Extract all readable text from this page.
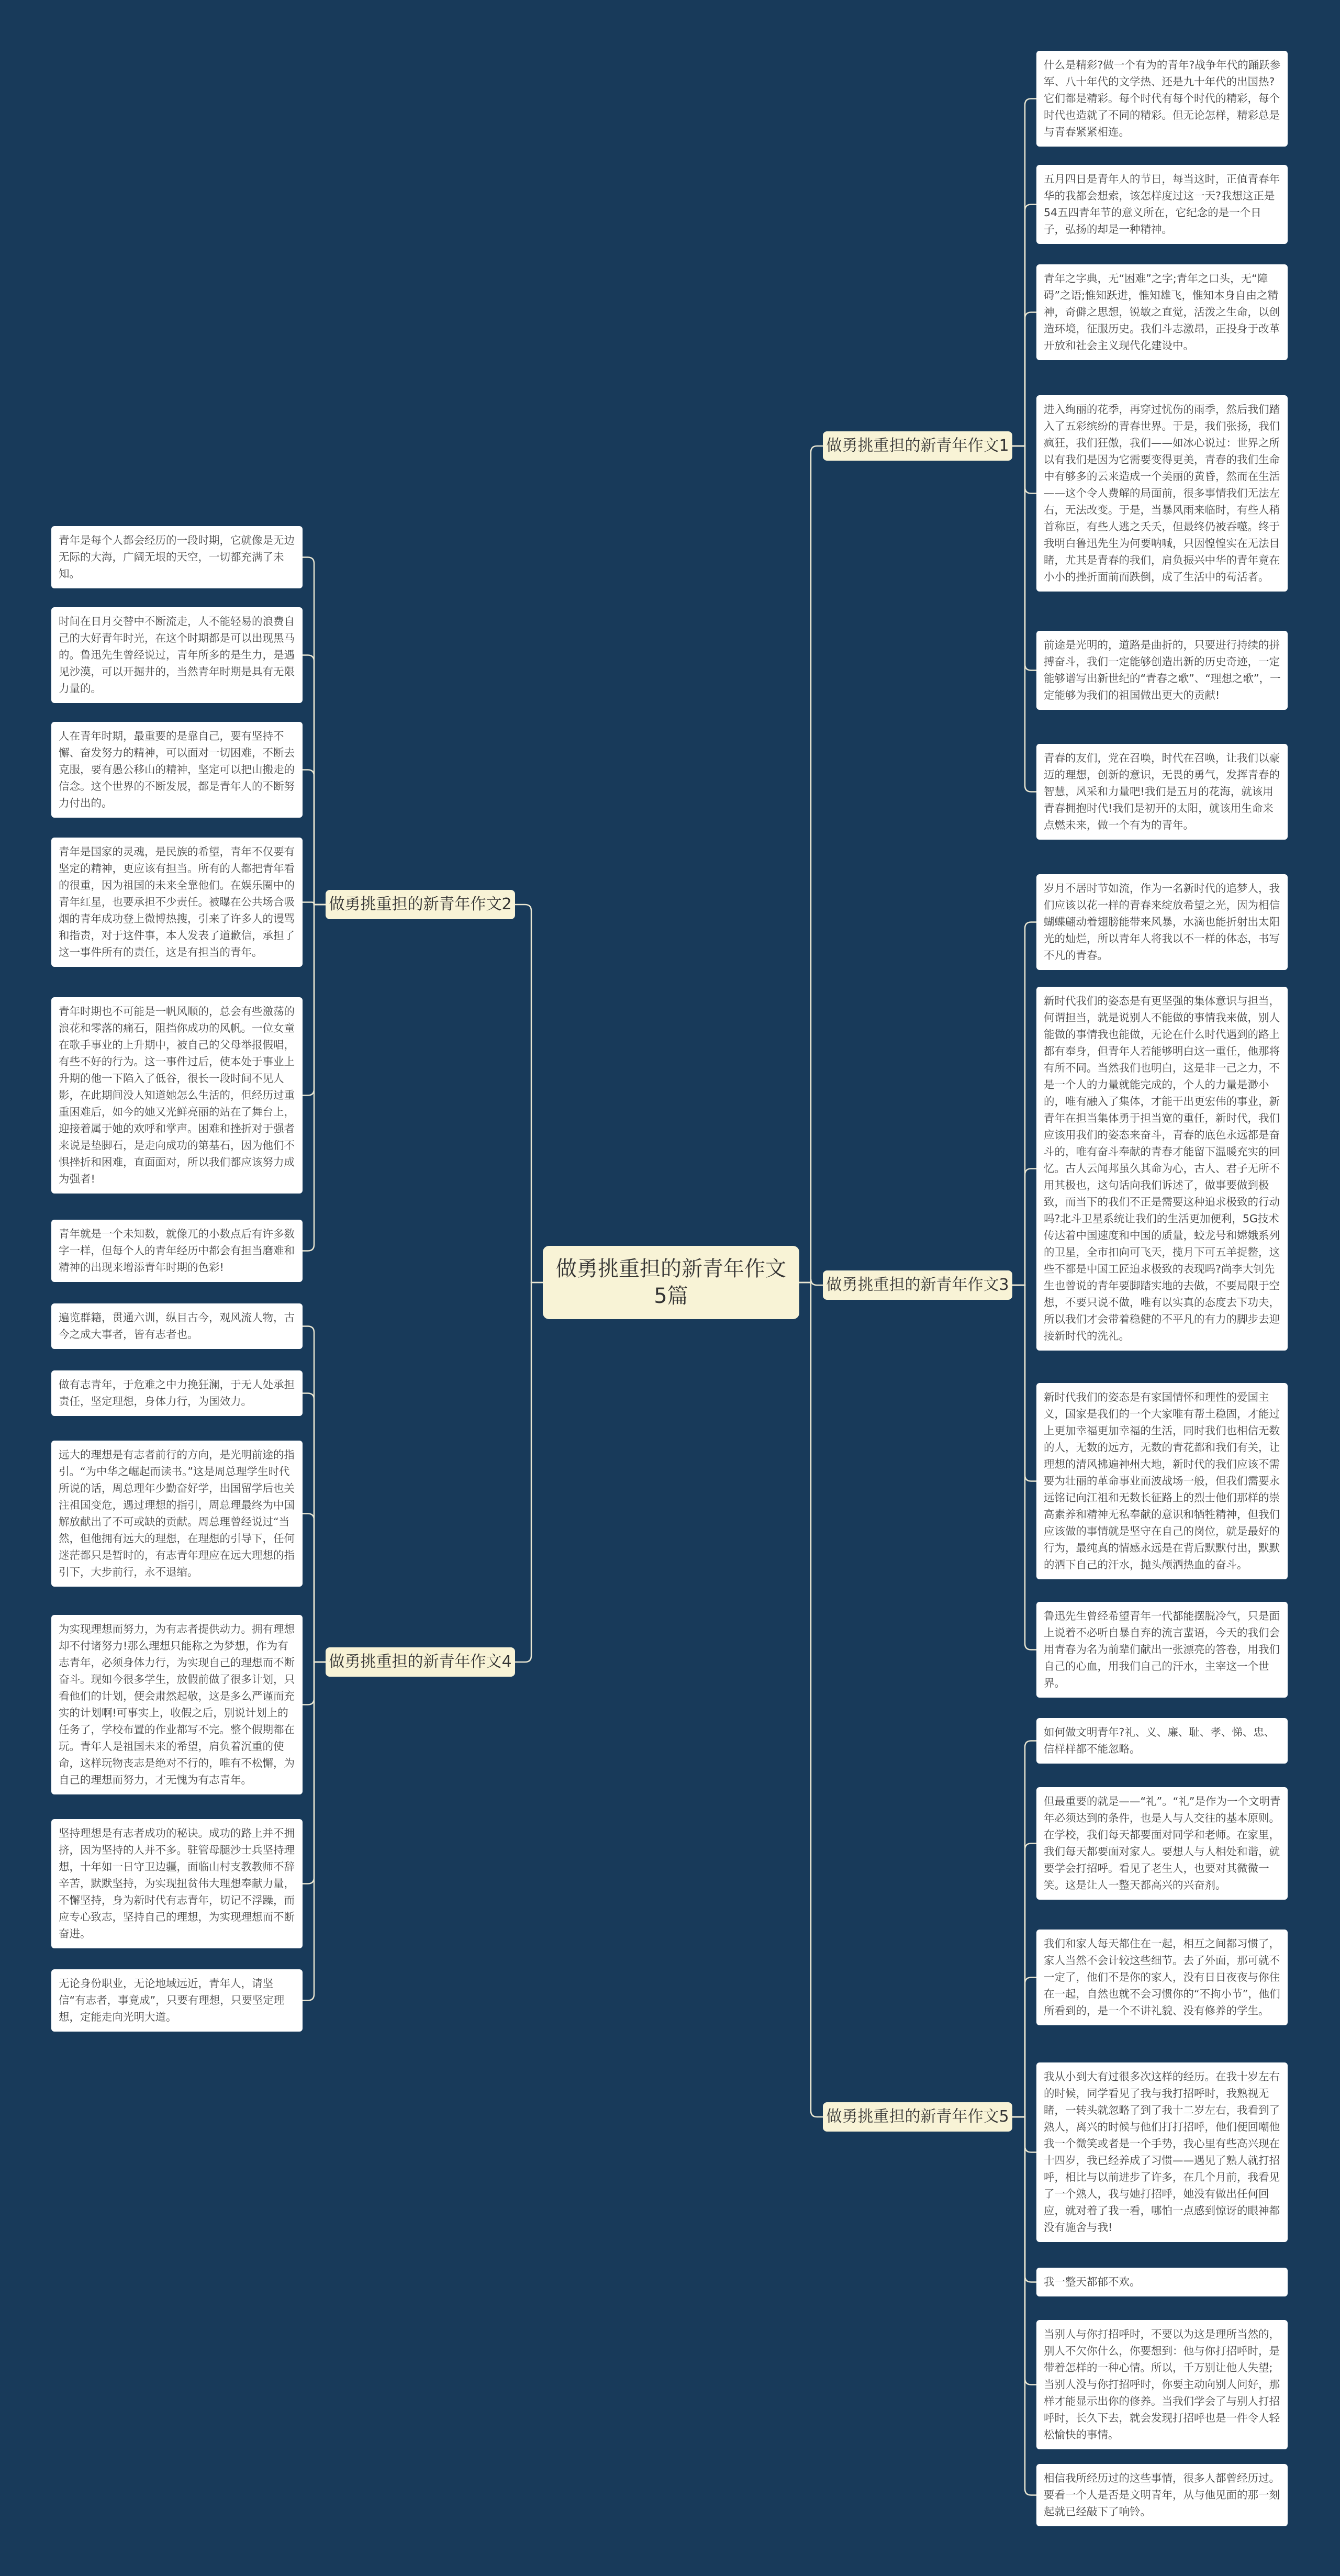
做勇挑重担的新青年作文5篇
做勇挑重担的新青年作文1
什么是精彩?做一个有为的青年?战争年代的踊跃参军、八十年代的文学热、还是九十年代的出国热?它们都是精彩。每个时代有每个时代的精彩，每个时代也造就了不同的精彩。但无论怎样，精彩总是与青春紧紧相连。
五月四日是青年人的节日，每当这时，正值青春年华的我都会想索，该怎样度过这一天?我想这正是54五四青年节的意义所在，它纪念的是一个日子，弘扬的却是一种精神。
青年之字典，无“困难”之字;青年之口头，无“障碍”之语;惟知跃进，惟知雄飞，惟知本身自由之精神，奇僻之思想，锐敏之直觉，活泼之生命，以创造环境，征服历史。我们斗志激昂，正投身于改革开放和社会主义现代化建设中。
进入绚丽的花季，再穿过忧伤的雨季，然后我们踏入了五彩缤纷的青春世界。于是，我们张扬，我们疯狂，我们狂傲，我们——如冰心说过：世界之所以有我们是因为它需要变得更美，青春的我们生命中有够多的云来造成一个美丽的黄昏，然而在生活——这个令人费解的局面前，很多事情我们无法左右，无法改变。于是，当暴风雨来临时，有些人稍首称臣，有些人逃之夭夭，但最终仍被吞噬。终于我明白鲁迅先生为何要呐喊，只因惶惶实在无法目睹，尤其是青春的我们，肩负振兴中华的青年竟在小小的挫折面前而跌倒，成了生活中的苟活者。
前途是光明的，道路是曲折的，只要进行持续的拼搏奋斗，我们一定能够创造出新的历史奇迹，一定能够谱写出新世纪的“青春之歌”、“理想之歌”，一定能够为我们的祖国做出更大的贡献!
青春的友们，党在召唤，时代在召唤，让我们以豪迈的理想，创新的意识，无畏的勇气，发挥青春的智慧，风采和力量吧!我们是五月的花海，就该用青春拥抱时代!我们是初开的太阳，就该用生命来点燃未来，做一个有为的青年。
做勇挑重担的新青年作文2
青年是每个人都会经历的一段时期，它就像是无边无际的大海，广阔无垠的天空，一切都充满了未知。
时间在日月交替中不断流走，人不能轻易的浪费自己的大好青年时光，在这个时期都是可以出现黑马的。鲁迅先生曾经说过，青年所多的是生力，是遇见沙漠，可以开掘井的，当然青年时期是具有无限力量的。
人在青年时期，最重要的是靠自己，要有坚持不懈、奋发努力的精神，可以面对一切困难，不断去克服，要有愚公移山的精神，坚定可以把山搬走的信念。这个世界的不断发展，都是青年人的不断努力付出的。
青年是国家的灵魂，是民族的希望，青年不仅要有坚定的精神，更应该有担当。所有的人都把青年看的很重，因为祖国的未来全靠他们。在娱乐圈中的青年红星，也要承担不少责任。被曝在公共场合吸烟的青年成功登上微博热搜，引来了许多人的谩骂和指责，对于这件事，本人发表了道歉信，承担了这一事件所有的责任，这是有担当的青年。
青年时期也不可能是一帆风顺的，总会有些激荡的浪花和零落的痛石，阻挡你成功的风帆。一位女童在歌手事业的上升期中，被自己的父母举报假唱，有些不好的行为。这一事件过后，使本处于事业上升期的他一下陷入了低谷，很长一段时间不见人影，在此期间没人知道她怎么生活的，但经历过重重困难后，如今的她又光鲜亮丽的站在了舞台上，迎接着属于她的欢呼和掌声。困难和挫折对于强者来说是垫脚石，是走向成功的第基石，因为他们不惧挫折和困难，直面面对，所以我们都应该努力成为强者!
青年就是一个未知数，就像兀的小数点后有许多数字一样，但每个人的青年经历中都会有担当磨难和精神的出现来增添青年时期的色彩!
做勇挑重担的新青年作文3
岁月不居时节如流，作为一名新时代的追梦人，我们应该以花一样的青春来绽放希望之光，因为相信蝴蝶翩动着翅膀能带来风暴，水滴也能折射出太阳光的灿烂，所以青年人将我以不一样的体态，书写不凡的青春。
新时代我们的姿态是有更坚强的集体意识与担当，何谓担当，就是说别人不能做的事情我来做，别人能做的事情我也能做，无论在什么时代遇到的路上都有奉身，但青年人若能够明白这一重任，他那将有所不同。当然我们也明白，这是非一己之力，不是一个人的力量就能完成的，个人的力量是渺小的，唯有融入了集体，才能干出更宏伟的事业，新青年在担当集体勇于担当宽的重任，新时代，我们应该用我们的姿态来奋斗，青春的底色永远都是奋斗的，唯有奋斗奉献的青春才能留下温暖充实的回忆。古人云闻邦虽久其命为心，古人、君子无所不用其极也，这句话向我们诉述了，做事要做到极致，而当下的我们不正是需要这种追求极致的行动吗?北斗卫星系统让我们的生活更加便利，5G技术传达着中国速度和中国的质量，蛟龙号和嫦娥系列的卫星，全市扣向可飞天，揽月下可五羊捉鳖，这些不都是中国工匠追求极致的表现吗?尚李大钊先生也曾说的青年要脚踏实地的去做，不要局限于空想，不要只说不做，唯有以实真的态度去下功夫，所以我们才会带着稳健的不平凡的有力的脚步去迎接新时代的洗礼。
新时代我们的姿态是有家国情怀和理性的爱国主义，国家是我们的一个大家唯有帮土稳固，才能过上更加幸福更加幸福的生活，同时我们也相信无数的人，无数的远方，无数的青花都和我们有关，让理想的清风拂遍神州大地，新时代的我们应该不需要为壮丽的革命事业而波战场一般，但我们需要永远铭记向江祖和无数长征路上的烈士他们那样的崇高素养和精神无私奉献的意识和牺牲精神，但我们应该做的事情就是坚守在自己的岗位，就是最好的行为，最纯真的情感永远是在背后默默付出，默默的洒下自己的汗水，抛头颅洒热血的奋斗。
鲁迅先生曾经希望青年一代都能摆脱冷气，只是面上说着不必听自暴自弃的流言蜚语，今天的我们会用青春为名为前辈们献出一张漂亮的答卷，用我们自己的心血，用我们自己的汗水，主宰这一个世界。
做勇挑重担的新青年作文4
遍览群籍，贯通六训，纵目古今，观风流人物，古今之成大事者，皆有志者也。
做有志青年，于危难之中力挽狂澜，于无人处承担责任，坚定理想，身体力行，为国效力。
远大的理想是有志者前行的方向，是光明前途的指引。“为中华之崛起而读书。”这是周总理学生时代所说的话，周总理年少勤奋好学，出国留学后也关注祖国变危，遇过理想的指引，周总理最终为中国解放献出了不可或缺的贡献。周总理曾经说过“当然，但他拥有远大的理想，在理想的引导下，任何迷茫都只是暂时的，有志青年理应在远大理想的指引下，大步前行，永不退缩。
为实现理想而努力，为有志者提供动力。拥有理想却不付诸努力!那么理想只能称之为梦想，作为有志青年，必须身体力行，为实现自己的理想而不断奋斗。现如今很多学生，放假前做了很多计划，只看他们的计划，便会肃然起敬，这是多么严谨而充实的计划啊!可事实上，收假之后，别说计划上的任务了，学校布置的作业都写不完。整个假期都在玩。青年人是祖国未来的希望，肩负着沉重的使命，这样玩物丧志是绝对不行的，唯有不松懈，为自己的理想而努力，才无愧为有志青年。
坚持理想是有志者成功的秘诀。成功的路上并不拥挤，因为坚持的人并不多。驻管母腿沙士兵坚持理想，十年如一日守卫边疆，面临山村支教教师不辞辛苦，默默坚持，为实现扭贫伟大理想奉献力量，不懈坚持，身为新时代有志青年，切记不浮躁，而应专心致志，坚持自己的理想，为实现理想而不断奋进。
无论身份职业，无论地域远近，青年人，请坚信“有志者，事竟成”，只要有理想，只要坚定理想，定能走向光明大道。
做勇挑重担的新青年作文5
如何做文明青年?礼、义、廉、耻、孝、悌、忠、信样样都不能忽略。
但最重要的就是——“礼”。“礼”是作为一个文明青年必须达到的条件，也是人与人交往的基本原则。在学校，我们每天都要面对同学和老师。在家里，我们每天都要面对家人。要想人与人相处和谐，就要学会打招呼。看见了老生人，也要对其微微一笑。这是让人一整天都高兴的兴奋剂。
我们和家人每天都住在一起，相互之间都习惯了，家人当然不会计较这些细节。去了外面，那可就不一定了，他们不是你的家人，没有日日夜夜与你住在一起，自然也就不会习惯你的“不拘小节”，他们所看到的，是一个不讲礼貌、没有修养的学生。
我从小到大有过很多次这样的经历。在我十岁左右的时候，同学看见了我与我打招呼时，我熟视无睹，一转头就忽略了到了我十二岁左右，我看到了熟人，离兴的时候与他们打打招呼，他们便回嘲他我一个微笑或者是一个手势，我心里有些高兴现在十四岁，我已经养成了习惯——遇见了熟人就打招呼，相比与以前进步了许多，在几个月前，我看见了一个熟人，我与她打招呼，她没有做出任何回应，就对着了我一看，哪怕一点感到惊讶的眼神都没有施舍与我!
我一整天都郁不欢。
当别人与你打招呼时，不要以为这是理所当然的，别人不欠你什么，你要想到：他与你打招呼时，是带着怎样的一种心情。所以，千万别让他人失望;当别人没与你打招呼时，你要主动向别人问好，那样才能显示出你的修养。当我们学会了与别人打招呼时，长久下去，就会发现打招呼也是一件令人轻松愉快的事情。
相信我所经历过的这些事情，很多人都曾经历过。要看一个人是否是文明青年，从与他见面的那一刻起就已经敲下了响铃。
